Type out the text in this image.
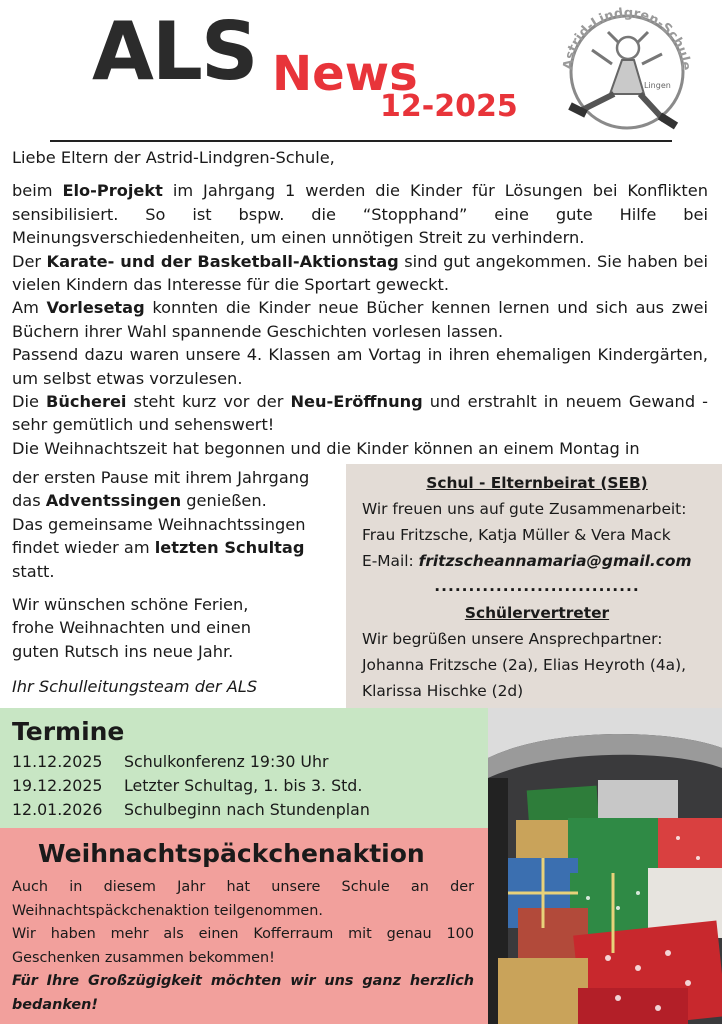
ALS News
12-2025
Astrid-Lindgren-Schule
Lingen

Liebe Eltern der Astrid-Lindgren-Schule,

beim Elo-Projekt im Jahrgang 1 werden die Kinder für Lösungen bei Konflikten sensibilisiert. So ist bspw. die “Stopphand” eine gute Hilfe bei Meinungsverschiedenheiten, um einen unnötigen Streit zu verhindern.

Der Karate- und der Basketball-Aktionstag sind gut angekommen. Sie haben bei vielen Kindern das Interesse für die Sportart geweckt.

Am Vorlesetag konnten die Kinder neue Bücher kennen lernen und sich aus zwei Büchern ihrer Wahl spannende Geschichten vorlesen lassen.

Passend dazu waren unsere 4. Klassen am Vortag in ihren ehemaligen Kindergärten, um selbst etwas vorzulesen.

Die Bücherei steht kurz vor der Neu-Eröffnung und erstrahlt in neuem Gewand - sehr gemütlich und sehenswert!

Die Weihnachtszeit hat begonnen und die Kinder können an einem Montag in

der ersten Pause mit ihrem Jahrgang

das Adventssingen genießen.

Das gemeinsame Weihnachtssingen

findet wieder am letzten Schultag

statt.

Wir wünschen schöne Ferien,

frohe Weihnachten und einen

guten Rutsch ins neue Jahr.

Ihr Schulleitungsteam der ALS

Schul - Elternbeirat (SEB)
Wir freuen uns auf gute Zusammenarbeit:
Frau Fritzsche, Katja Müller & Vera Mack
E-Mail: fritzscheannamaria@gmail.com
..............................
Schülervertreter
Wir begrüßen unsere Ansprechpartner:
Johanna Fritzsche (2a), Elias Heyroth (4a),
Klarissa Hischke (2d)
Termine
11.12.2025	Schulkonferenz 19:30 Uhr
19.12.2025	Letzter Schultag, 1. bis 3. Std.
12.01.2026	Schulbeginn nach Stundenplan
Weihnachtspäckchenaktion

Auch in diesem Jahr hat unsere Schule an der Weihnachtspäckchenaktion teilgenommen.

Wir haben mehr als einen Kofferraum mit genau 100 Geschenken zusammen bekommen!

Für Ihre Großzügigkeit möchten wir uns ganz herzlich bedanken!
